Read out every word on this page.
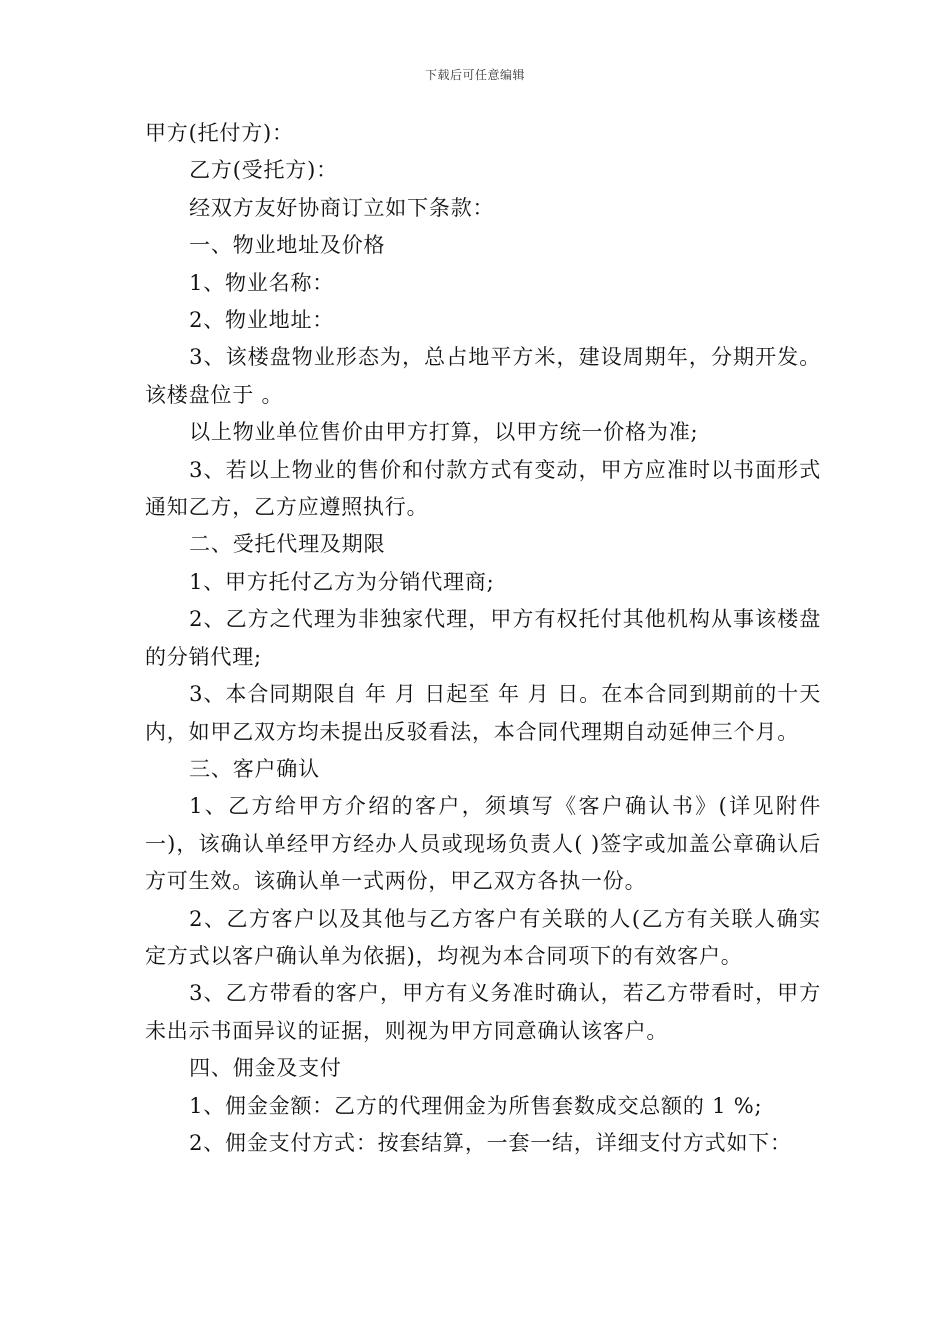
下载后可任意编辑

甲方(托付方)：

乙方(受托方)：

经双方友好协商订立如下条款：

一、物业地址及价格

1、物业名称：

2、物业地址：

3、该楼盘物业形态为，总占地平方米，建设周期年，分期开发。该楼盘位于 。

以上物业单位售价由甲方打算，以甲方统一价格为准;

3、若以上物业的售价和付款方式有变动，甲方应准时以书面形式通知乙方，乙方应遵照执行。

二、受托代理及期限

1、甲方托付乙方为分销代理商;

2、乙方之代理为非独家代理，甲方有权托付其他机构从事该楼盘的分销代理;

3、本合同期限自 年 月 日起至 年 月 日。在本合同到期前的十天内，如甲乙双方均未提出反驳看法，本合同代理期自动延伸三个月。

三、客户确认

1、乙方给甲方介绍的客户，须填写《客户确认书》(详见附件一)，该确认单经甲方经办人员或现场负责人( )签字或加盖公章确认后方可生效。该确认单一式两份，甲乙双方各执一份。

2、乙方客户以及其他与乙方客户有关联的人(乙方有关联人确实定方式以客户确认单为依据)，均视为本合同项下的有效客户。

3、乙方带看的客户，甲方有义务准时确认，若乙方带看时，甲方未出示书面异议的证据，则视为甲方同意确认该客户。

四、佣金及支付

1、佣金金额：乙方的代理佣金为所售套数成交总额的 1 %;

2、佣金支付方式：按套结算，一套一结，详细支付方式如下：
